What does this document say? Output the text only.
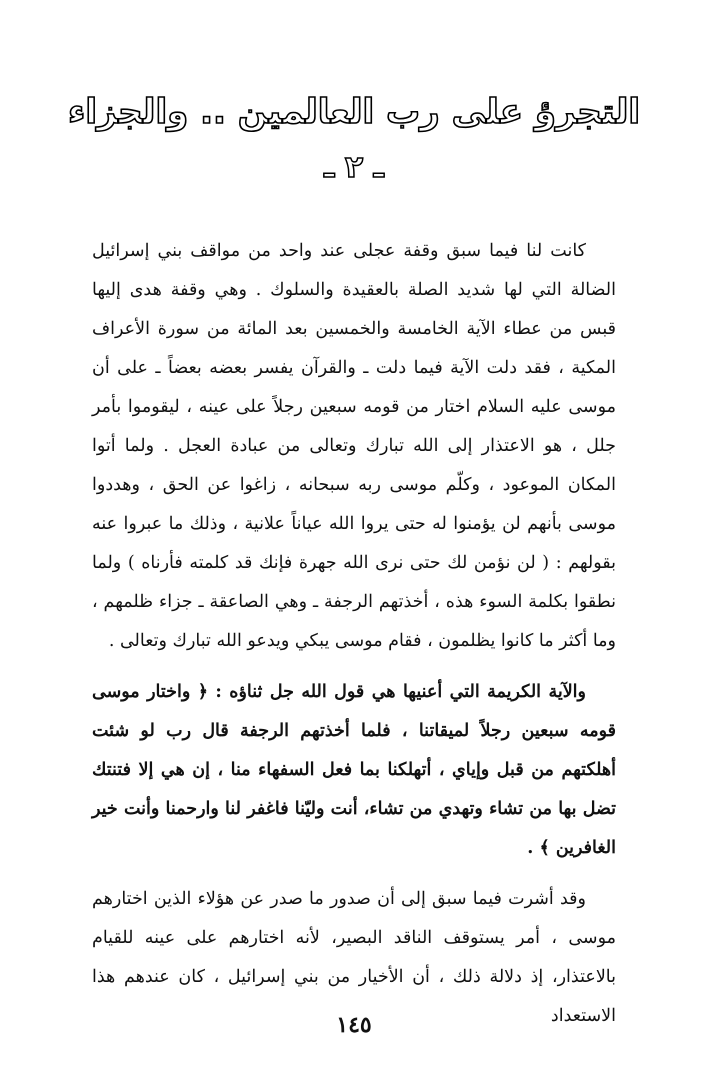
التجرؤ على رب العالمين .. والجزاء
ـ ٢ ـ

كانت لنا فيما سبق وقفة عجلى عند واحد من مواقف بني إسرائيل الضالة التي لها شديد الصلة بالعقيدة والسلوك . وهي وقفة هدى إليها قبس من عطاء الآية الخامسة والخمسين بعد المائة من سورة الأعراف المكية ، فقد دلت الآية فيما دلت ـ والقرآن يفسر بعضه بعضاً ـ على أن موسى عليه السلام اختار من قومه سبعين رجلاً على عينه ، ليقوموا بأمر جلل ، هو الاعتذار إلى الله تبارك وتعالى من عبادة العجل . ولما أتوا المكان الموعود ، وكلّم موسى ربه سبحانه ، زاغوا عن الحق ، وهددوا موسى بأنهم لن يؤمنوا له حتى يروا الله عياناً علانية ، وذلك ما عبروا عنه بقولهم : ( لن نؤمن لك حتى نرى الله جهرة فإنك قد كلمته فأرناه ) ولما نطقوا بكلمة السوء هذه ، أخذتهم الرجفة ـ وهي الصاعقة ـ جزاء ظلمهم ، وما أكثر ما كانوا يظلمون ، فقام موسى يبكي ويدعو الله تبارك وتعالى .

والآية الكريمة التي أعنيها هي قول الله جل ثناؤه : ﴿ واختار موسى قومه سبعين رجلاً لميقاتنا ، فلما أخذتهم الرجفة قال رب لو شئت أهلكتهم من قبل وإياي ، أتهلكنا بما فعل السفهاء منا ، إن هي إلا فتنتك تضل بها من تشاء وتهدي من تشاء، أنت وليّنا فاغفر لنا وارحمنا وأنت خير الغافرين ﴾ .

وقد أشرت فيما سبق إلى أن صدور ما صدر عن هؤلاء الذين اختارهم موسى ، أمر يستوقف الناقد البصير، لأنه اختارهم على عينه للقيام بالاعتذار، إذ دلالة ذلك ، أن الأخيار من بني إسرائيل ، كان عندهم هذا الاستعداد

١٤٥
